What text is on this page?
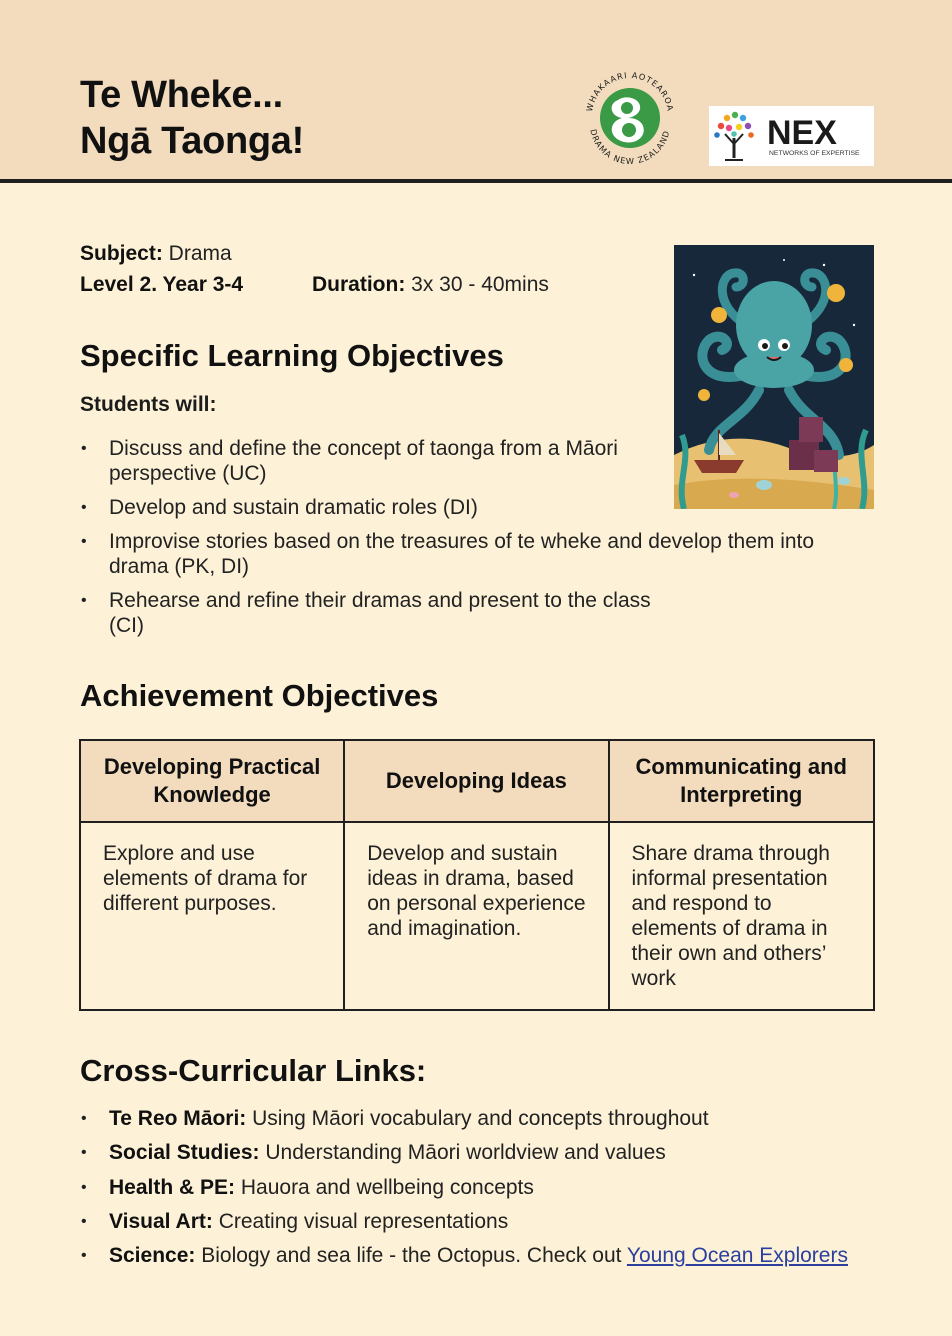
Te Wheke...
Ngā Taonga!
WHAKAARI AOTEAROA
DRAMA NEW ZEALAND	NEX
NETWORKS OF EXPERTISE
Subject: Drama
Level 2. Year 3-4	Duration: 3x 30 - 40mins
Specific Learning Objectives
Students will:
• Discuss and define the concept of taonga from a Māori perspective (UC)
• Develop and sustain dramatic roles (DI)
• Improvise stories based on the treasures of te wheke and develop them into drama (PK, DI)
• Rehearse and refine their dramas and present to the class (CI)
Achievement Objectives
Developing Practical Knowledge	Developing Ideas	Communicating and Interpreting
Explore and use elements of drama for different purposes.	Develop and sustain ideas in drama, based on personal experience and imagination.	Share drama through informal presentation and respond to elements of drama in their own and others’ work
Cross-Curricular Links:
• Te Reo Māori: Using Māori vocabulary and concepts throughout
• Social Studies: Understanding Māori worldview and values
• Health & PE: Hauora and wellbeing concepts
• Visual Art: Creating visual representations
• Science: Biology and sea life - the Octopus. Check out Young Ocean Explorers
